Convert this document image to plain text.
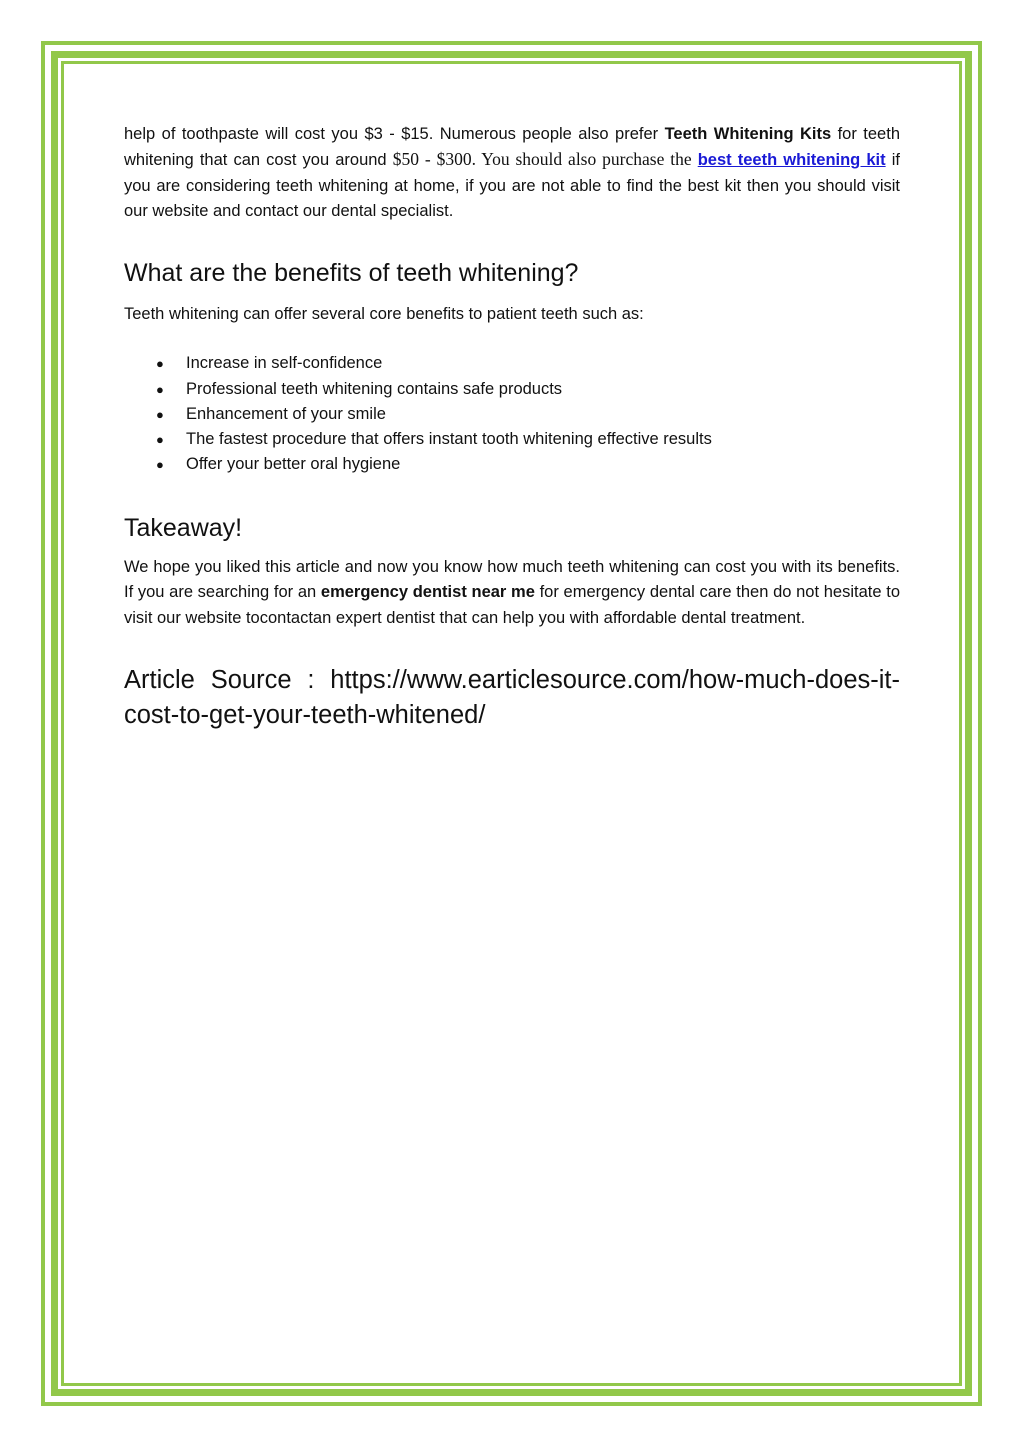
help of toothpaste will cost you $3 - $15. Numerous people also prefer Teeth Whitening Kits for teeth whitening that can cost you around $50 - $300. You should also purchase the best teeth whitening kit if you are considering teeth whitening at home, if you are not able to find the best kit then you should visit our website and contact our dental specialist.

What are the benefits of teeth whitening?

Teeth whitening can offer several core benefits to patient teeth such as:

● Increase in self-confidence
● Professional teeth whitening contains safe products
● Enhancement of your smile
● The fastest procedure that offers instant tooth whitening effective results
● Offer your better oral hygiene
Takeaway!

We hope you liked this article and now you know how much teeth whitening can cost you with its benefits. If you are searching for an emergency dentist near me for emergency dental care then do not hesitate to visit our website tocontactan expert dentist that can help you with affordable dental treatment.

Article Source : https://www.earticlesource.com/how-much-does-it-cost-to-get-your-teeth-whitened/
